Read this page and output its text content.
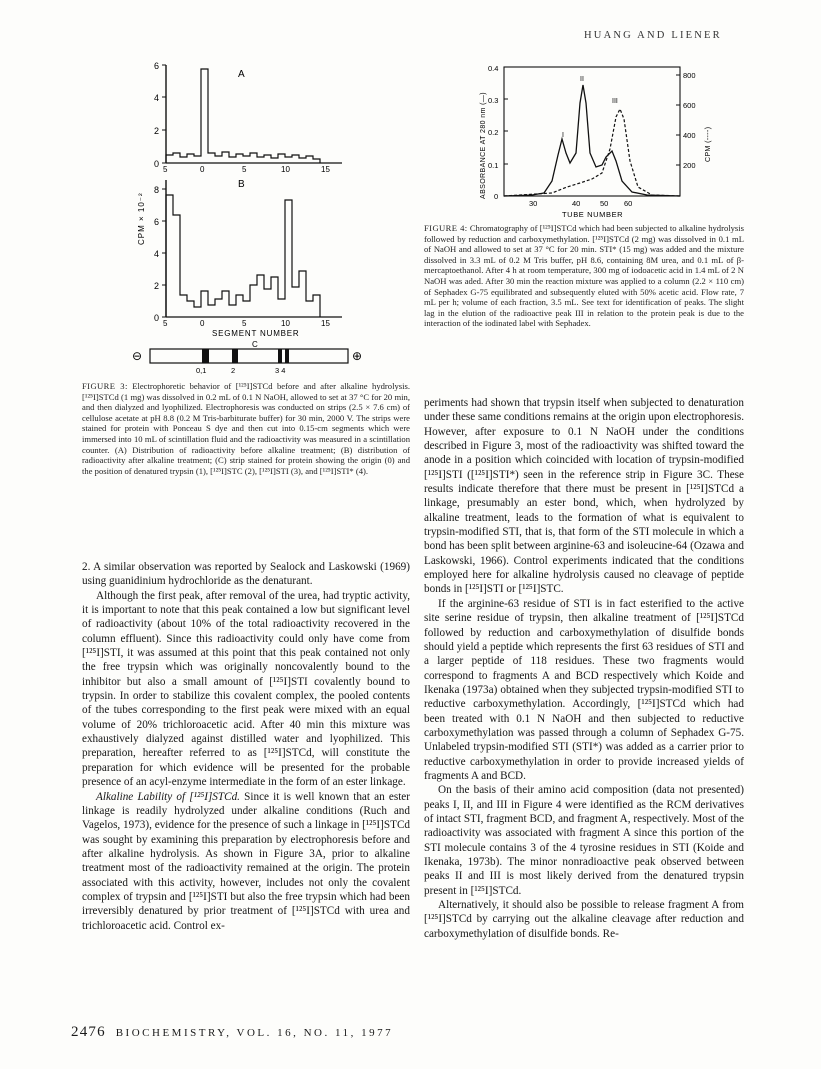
HUANG AND LIENER
6
4
2
0
A
5	0	5	10	15
CPM × 10⁻²
8
6
4
2
0
B
5	0	5	10	15
SEGMENT NUMBER
C
⊖	⊕
0,1	2	3 4
FIGURE 3: Electrophoretic behavior of [¹²⁵I]STCd before and after alkaline hydrolysis. [¹²⁵I]STCd (1 mg) was dissolved in 0.2 mL of 0.1 N NaOH, allowed to set at 37 °C for 20 min, and then dialyzed and lyophilized. Electrophoresis was conducted on strips (2.5 × 7.6 cm) of cellulose acetate at pH 8.8 (0.2 M Tris-barbiturate buffer) for 30 min, 2000 V. The strips were stained for protein with Ponceau S dye and then cut into 0.15-cm segments which were immersed into 10 mL of scintillation fluid and the radioactivity was measured in a scintillation counter. (A) Distribution of radioactivity before alkaline treatment; (B) distribution of radioactivity after alkaline treatment; (C) strip stained for protein showing the origin (0) and the position of denatured trypsin (1), [¹²⁵I]STC (2), [¹²⁵I]STI (3), and [¹²⁵I]STI* (4).
ABSORBANCE AT 280 nm (—)	CPM (----)
0.4
0.3
0.2
0.1
0
800
600
400
200
I
II
III
30	40	50 60
TUBE NUMBER
FIGURE 4: Chromatography of [¹²⁵I]STCd which had been subjected to alkaline hydrolysis followed by reduction and carboxymethylation. [¹²⁵I]STCd (2 mg) was dissolved in 0.1 mL of NaOH and allowed to set at 37 °C for 20 min. STI* (15 mg) was added and the mixture dissolved in 3.3 mL of 0.2 M Tris buffer, pH 8.6, containing 8M urea, and 0.1 mL of β-mercaptoethanol. After 4 h at room temperature, 300 mg of iodoacetic acid in 1.4 mL of 2 N NaOH was aded. After 30 min the reaction mixture was applied to a column (2.2 × 110 cm) of Sephadex G-75 equilibrated and subsequently eluted with 50% acetic acid. Flow rate, 7 mL per h; volume of each fraction, 3.5 mL. See text for identification of peaks. The slight lag in the elution of the radioactive peak III in relation to the protein peak is due to the interaction of the iodinated label with Sephadex.

2. A similar observation was reported by Sealock and Laskowski (1969) using guanidinium hydrochloride as the denaturant.

Although the first peak, after removal of the urea, had tryptic activity, it is important to note that this peak contained a low but significant level of radioactivity (about 10% of the total radioactivity recovered in the column effluent). Since this radioactivity could only have come from [¹²⁵I]STI, it was assumed at this point that this peak contained not only the free trypsin which was originally noncovalently bound to the inhibitor but also a small amount of [¹²⁵I]STI covalently bound to trypsin. In order to stabilize this covalent complex, the pooled contents of the tubes corresponding to the first peak were mixed with an equal volume of 20% trichloroacetic acid. After 40 min this mixture was exhaustively dialyzed against distilled water and lyophilized. This preparation, hereafter referred to as [¹²⁵I]STCd, will constitute the preparation for which evidence will be presented for the probable presence of an acyl-enzyme intermediate in the form of an ester linkage.

Alkaline Lability of [¹²⁵I]STCd. Since it is well known that an ester linkage is readily hydrolyzed under alkaline conditions (Ruch and Vagelos, 1973), evidence for the presence of such a linkage in [¹²⁵I]STCd was sought by examining this preparation by electrophoresis before and after alkaline hydrolysis. As shown in Figure 3A, prior to alkaline treatment most of the radioactivity remained at the origin. The protein associated with this activity, however, includes not only the covalent complex of trypsin and [¹²⁵I]STI but also the free trypsin which had been irreversibly denatured by prior treatment of [¹²⁵I]STCd with urea and trichloroacetic acid. Control ex-

periments had shown that trypsin itself when subjected to denaturation under these same conditions remains at the origin upon electrophoresis. However, after exposure to 0.1 N NaOH under the conditions described in Figure 3, most of the radioactivity was shifted toward the anode in a position which coincided with location of trypsin-modified [¹²⁵I]STI ([¹²⁵I]STI*) seen in the reference strip in Figure 3C. These results indicate therefore that there must be present in [¹²⁵I]STCd a linkage, presumably an ester bond, which, when hydrolyzed by alkaline treatment, leads to the formation of what is equivalent to trypsin-modified STI, that is, that form of the STI molecule in which a bond has been split between arginine-63 and isoleucine-64 (Ozawa and Laskowski, 1966). Control experiments indicated that the conditions employed here for alkaline hydrolysis caused no cleavage of peptide bonds in [¹²⁵I]STI or [¹²⁵I]STC.

If the arginine-63 residue of STI is in fact esterified to the active site serine residue of trypsin, then alkaline treatment of [¹²⁵I]STCd followed by reduction and carboxymethylation of disulfide bonds should yield a peptide which represents the first 63 residues of STI and a larger peptide of 118 residues. These two fragments would correspond to fragments A and BCD respectively which Koide and Ikenaka (1973a) obtained when they subjected trypsin-modified STI to reductive carboxymethylation. Accordingly, [¹²⁵I]STCd which had been treated with 0.1 N NaOH and then subjected to reductive carboxymethylation was passed through a column of Sephadex G-75. Unlabeled trypsin-modified STI (STI*) was added as a carrier prior to reductive carboxymethylation in order to provide increased yields of fragments A and BCD.

On the basis of their amino acid composition (data not presented) peaks I, II, and III in Figure 4 were identified as the RCM derivatives of intact STI, fragment BCD, and fragment A, respectively. Most of the radioactivity was associated with fragment A since this portion of the STI molecule contains 3 of the 4 tyrosine residues in STI (Koide and Ikenaka, 1973b). The minor nonradioactive peak observed between peaks II and III is most likely derived from the denatured trypsin present in [¹²⁵I]STCd.

Alternatively, it should also be possible to release fragment A from [¹²⁵I]STCd by carrying out the alkaline cleavage after reduction and carboxymethylation of disulfide bonds. Re-

2476 BIOCHEMISTRY, VOL. 16, NO. 11, 1977
